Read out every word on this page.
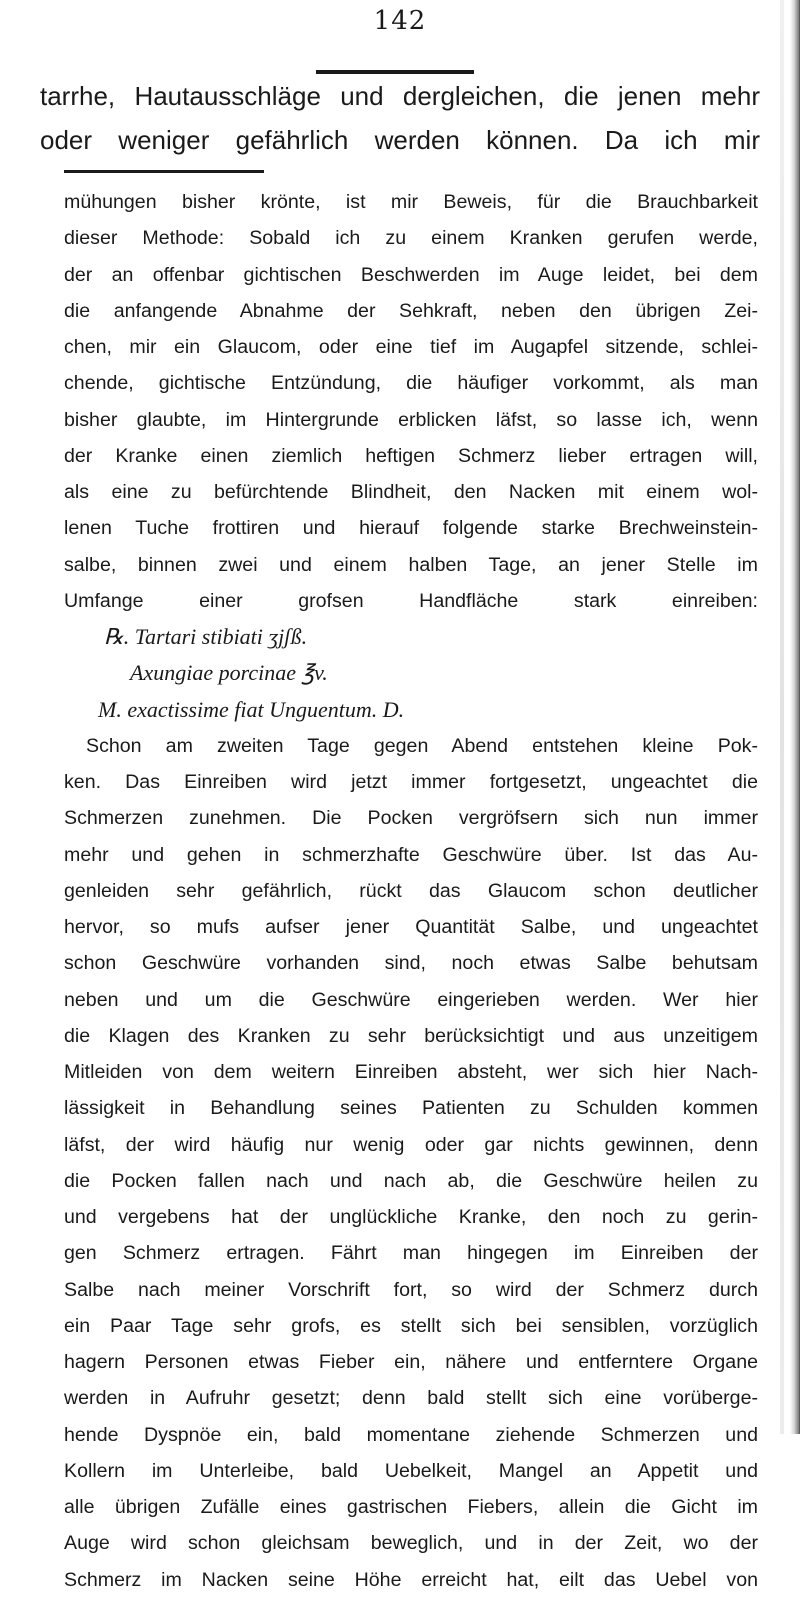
142
tarrhe, Hautausschläge und dergleichen, die jenen mehr
oder weniger gefährlich werden können. Da ich mir
mühungen bisher krönte, ist mir Beweis, für die Brauchbarkeit
dieser Methode: Sobald ich zu einem Kranken gerufen werde,
der an offenbar gichtischen Beschwerden im Auge leidet, bei dem
die anfangende Abnahme der Sehkraft, neben den übrigen Zei-
chen, mir ein Glaucom, oder eine tief im Augapfel sitzende, schlei-
chende, gichtische Entzündung, die häufiger vorkommt, als man
bisher glaubte, im Hintergrunde erblicken läfst, so lasse ich, wenn
der Kranke einen ziemlich heftigen Schmerz lieber ertragen will,
als eine zu befürchtende Blindheit, den Nacken mit einem wol-
lenen Tuche frottiren und hierauf folgende starke Brechweinstein-
salbe, binnen zwei und einem halben Tage, an jener Stelle im
Umfange einer grofsen Handfläche stark einreiben:
℞. Tartari stibiati ʒjʃß.
Axungiae porcinae ℥v.
M. exactissime fiat Unguentum. D.
Schon am zweiten Tage gegen Abend entstehen kleine Pok-
ken. Das Einreiben wird jetzt immer fortgesetzt, ungeachtet die
Schmerzen zunehmen. Die Pocken vergröfsern sich nun immer
mehr und gehen in schmerzhafte Geschwüre über. Ist das Au-
genleiden sehr gefährlich, rückt das Glaucom schon deutlicher
hervor, so mufs aufser jener Quantität Salbe, und ungeachtet
schon Geschwüre vorhanden sind, noch etwas Salbe behutsam
neben und um die Geschwüre eingerieben werden. Wer hier
die Klagen des Kranken zu sehr berücksichtigt und aus unzeitigem
Mitleiden von dem weitern Einreiben absteht, wer sich hier Nach-
lässigkeit in Behandlung seines Patienten zu Schulden kommen
läfst, der wird häufig nur wenig oder gar nichts gewinnen, denn
die Pocken fallen nach und nach ab, die Geschwüre heilen zu
und vergebens hat der unglückliche Kranke, den noch zu gerin-
gen Schmerz ertragen. Fährt man hingegen im Einreiben der
Salbe nach meiner Vorschrift fort, so wird der Schmerz durch
ein Paar Tage sehr grofs, es stellt sich bei sensiblen, vorzüglich
hagern Personen etwas Fieber ein, nähere und entferntere Organe
werden in Aufruhr gesetzt; denn bald stellt sich eine vorüberge-
hende Dyspnöe ein, bald momentane ziehende Schmerzen und
Kollern im Unterleibe, bald Uebelkeit, Mangel an Appetit und
alle übrigen Zufälle eines gastrischen Fiebers, allein die Gicht im
Auge wird schon gleichsam beweglich, und in der Zeit, wo der
Schmerz im Nacken seine Höhe erreicht hat, eilt das Uebel von
